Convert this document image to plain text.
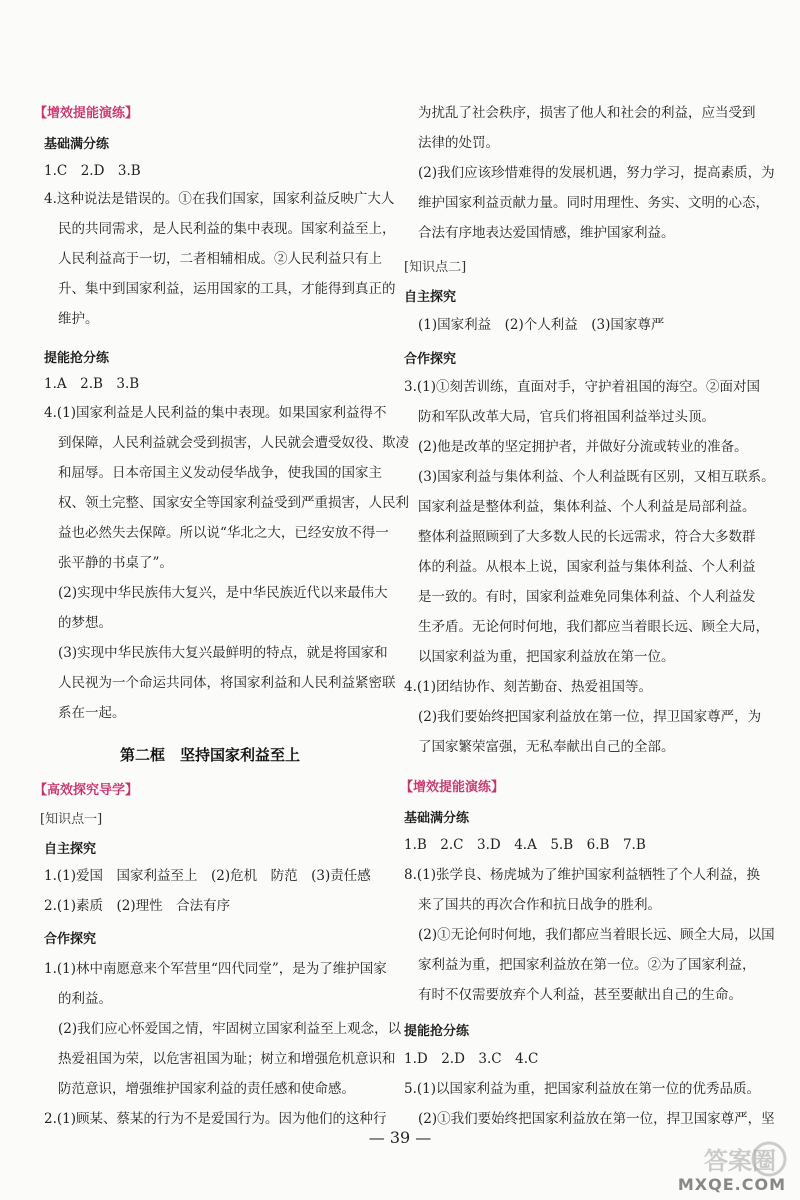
【增效提能演练】
基础满分练
1.C　2.D　3.B
4.这种说法是错误的。①在我们国家，国家利益反映广大人
民的共同需求，是人民利益的集中表现。国家利益至上，
人民利益高于一切，二者相辅相成。②人民利益只有上
升、集中到国家利益，运用国家的工具，才能得到真正的
维护。
提能抢分练
1.A　2.B　3.B
4.(1)国家利益是人民利益的集中表现。如果国家利益得不
到保障，人民利益就会受到损害，人民就会遭受奴役、欺凌
和屈辱。日本帝国主义发动侵华战争，使我国的国家主
权、领土完整、国家安全等国家利益受到严重损害，人民利
益也必然失去保障。所以说“华北之大，已经安放不得一
张平静的书桌了”。
(2)实现中华民族伟大复兴，是中华民族近代以来最伟大
的梦想。
(3)实现中华民族伟大复兴最鲜明的特点，就是将国家和
人民视为一个命运共同体，将国家利益和人民利益紧密联
系在一起。
第二框　坚持国家利益至上
【高效探究导学】
[知识点一]
自主探究
1.(1)爱国　国家利益至上　(2)危机　防范　(3)责任感
2.(1)素质　(2)理性　合法有序
合作探究
1.(1)林中南愿意来个军营里“四代同堂”，是为了维护国家
的利益。
(2)我们应心怀爱国之情，牢固树立国家利益至上观念，以
热爱祖国为荣，以危害祖国为耻；树立和增强危机意识和
防范意识，增强维护国家利益的责任感和使命感。
2.(1)顾某、蔡某的行为不是爱国行为。因为他们的这种行
为扰乱了社会秩序，损害了他人和社会的利益，应当受到
法律的处罚。
(2)我们应该珍惜难得的发展机遇，努力学习，提高素质，为
维护国家利益贡献力量。同时用理性、务实、文明的心态，
合法有序地表达爱国情感，维护国家利益。
[知识点二]
自主探究
(1)国家利益　(2)个人利益　(3)国家尊严
合作探究
3.(1)①刻苦训练，直面对手，守护着祖国的海空。②面对国
防和军队改革大局，官兵们将祖国利益举过头顶。
(2)他是改革的坚定拥护者，并做好分流或转业的准备。
(3)国家利益与集体利益、个人利益既有区别，又相互联系。
国家利益是整体利益，集体利益、个人利益是局部利益。
整体利益照顾到了大多数人民的长远需求，符合大多数群
体的利益。从根本上说，国家利益与集体利益、个人利益
是一致的。有时，国家利益难免同集体利益、个人利益发
生矛盾。无论何时何地，我们都应当着眼长远、顾全大局，
以国家利益为重，把国家利益放在第一位。
4.(1)团结协作、刻苦勤奋、热爱祖国等。
(2)我们要始终把国家利益放在第一位，捍卫国家尊严，为
了国家繁荣富强，无私奉献出自己的全部。
【增效提能演练】
基础满分练
1.B　2.C　3.D　4.A　5.B　6.B　7.B
8.(1)张学良、杨虎城为了维护国家利益牺牲了个人利益，换
来了国共的再次合作和抗日战争的胜利。
(2)①无论何时何地，我们都应当着眼长远、顾全大局，以国
家利益为重，把国家利益放在第一位。②为了国家利益，
有时不仅需要放弃个人利益，甚至要献出自己的生命。
提能抢分练
1.D　2.D　3.C　4.C
5.(1)以国家利益为重，把国家利益放在第一位的优秀品质。
(2)①我们要始终把国家利益放在第一位，捍卫国家尊严，坚
— 39 —
答案圈
MXQE.COM
